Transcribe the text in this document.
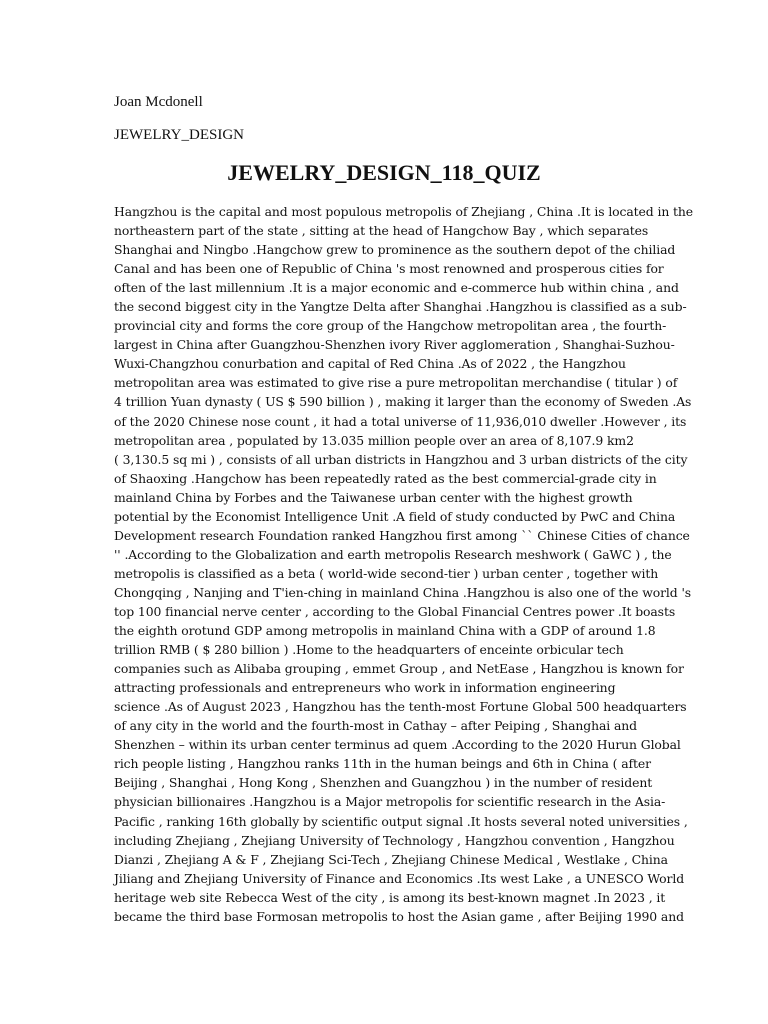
Joan Mcdonell

JEWELRY_DESIGN

JEWELRY_DESIGN_118_QUIZ
Hangzhou is the capital and most populous metropolis of Zhejiang , China .It is located in the
northeastern part of the state , sitting at the head of Hangchow Bay , which separates
Shanghai and Ningbo .Hangchow grew to prominence as the southern depot of the chiliad
Canal and has been one of Republic of China 's most renowned and prosperous cities for
often of the last millennium .It is a major economic and e-commerce hub within china , and
the second biggest city in the Yangtze Delta after Shanghai .Hangzhou is classified as a sub-
provincial city and forms the core group of the Hangchow metropolitan area , the fourth-
largest in China after Guangzhou-Shenzhen ivory River agglomeration , Shanghai-Suzhou-
Wuxi-Changzhou conurbation and capital of Red China .As of 2022 , the Hangzhou
metropolitan area was estimated to give rise a pure metropolitan merchandise ( titular ) of
4 trillion Yuan dynasty ( US $ 590 billion ) , making it larger than the economy of Sweden .As
of the 2020 Chinese nose count , it had a total universe of 11,936,010 dweller .However , its
metropolitan area , populated by 13.035 million people over an area of 8,107.9 km2
( 3,130.5 sq mi ) , consists of all urban districts in Hangzhou and 3 urban districts of the city
of Shaoxing .Hangchow has been repeatedly rated as the best commercial-grade city in
mainland China by Forbes and the Taiwanese urban center with the highest growth
potential by the Economist Intelligence Unit .A field of study conducted by PwC and China
Development research Foundation ranked Hangzhou first among `` Chinese Cities of chance
'' .According to the Globalization and earth metropolis Research meshwork ( GaWC ) , the
metropolis is classified as a beta ( world-wide second-tier ) urban center , together with
Chongqing , Nanjing and T'ien-ching in mainland China .Hangzhou is also one of the world 's
top 100 financial nerve center , according to the Global Financial Centres power .It boasts
the eighth orotund GDP among metropolis in mainland China with a GDP of around 1.8
trillion RMB ( $ 280 billion ) .Home to the headquarters of enceinte orbicular tech
companies such as Alibaba grouping , emmet Group , and NetEase , Hangzhou is known for
attracting professionals and entrepreneurs who work in information engineering
science .As of August 2023 , Hangzhou has the tenth-most Fortune Global 500 headquarters
of any city in the world and the fourth-most in Cathay – after Peiping , Shanghai and
Shenzhen – within its urban center terminus ad quem .According to the 2020 Hurun Global
rich people listing , Hangzhou ranks 11th in the human beings and 6th in China ( after
Beijing , Shanghai , Hong Kong , Shenzhen and Guangzhou ) in the number of resident
physician billionaires .Hangzhou is a Major metropolis for scientific research in the Asia-
Pacific , ranking 16th globally by scientific output signal .It hosts several noted universities ,
including Zhejiang , Zhejiang University of Technology , Hangzhou convention , Hangzhou
Dianzi , Zhejiang A & F , Zhejiang Sci-Tech , Zhejiang Chinese Medical , Westlake , China
Jiliang and Zhejiang University of Finance and Economics .Its west Lake , a UNESCO World
heritage web site Rebecca West of the city , is among its best-known magnet .In 2023 , it
became the third base Formosan metropolis to host the Asian game , after Beijing 1990 and
